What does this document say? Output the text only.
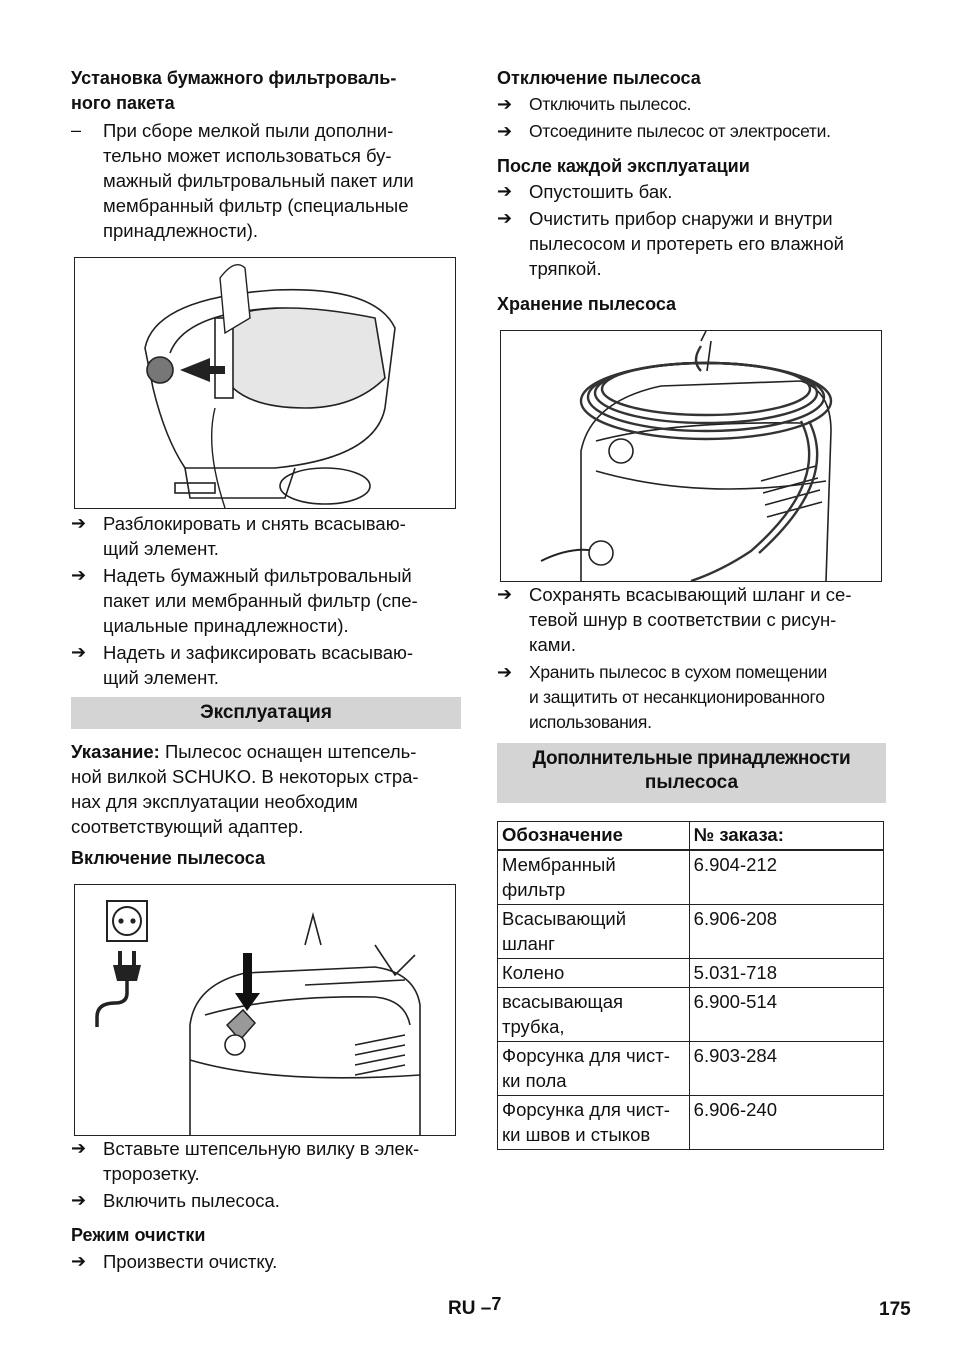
Установка бумажного фильтроваль-
ного пакета
–	При сборе мелкой пыли дополни-
тельно может использоваться бу-
мажный фильтровальный пакет или
мембранный фильтр (специальные
принадлежности).
➔ Разблокировать и снять всасываю-
щий элемент.
➔ Надеть бумажный фильтровальный
пакет или мембранный фильтр (спе-
циальные принадлежности).
➔ Надеть и зафиксировать всасываю-
щий элемент.
Эксплуатация
Указание: Пылесос оснащен штепсель-
ной вилкой SCHUKO. В некоторых стра-
нах для эксплуатации необходим
соответствующий адаптер.
Включение пылесоса
➔ Вставьте штепсельную вилку в элек-
тророзетку.
➔ Включить пылесоса.
Режим очистки
➔ Произвести очистку.
Отключение пылесоса
➔ Отключить пылесос.
➔ Отсоедините пылесос от электросети.
После каждой эксплуатации
➔ Опустошить бак.
➔ Очистить прибор снаружи и внутри
пылесосом и протереть его влажной
тряпкой.
Хранение пылесоса
➔ Сохранять всасывающий шланг и се-
тевой шнур в соответствии с рисун-
ками.
➔ Хранить пылесос в сухом помещении
и защитить от несанкционированного
использования.
Дополнительные принадлежности
пылесоса
Обозначение	№ заказа:

Мембранный
фильтр	6.904-212

Всасывающий
шланг	6.906-208

Колено	5.031-718

всасывающая
трубка,	6.900-514

Форсунка для чист-
ки пола	6.903-284

Форсунка для чист-
ки швов и стыков	6.906-240
RU –7	175
